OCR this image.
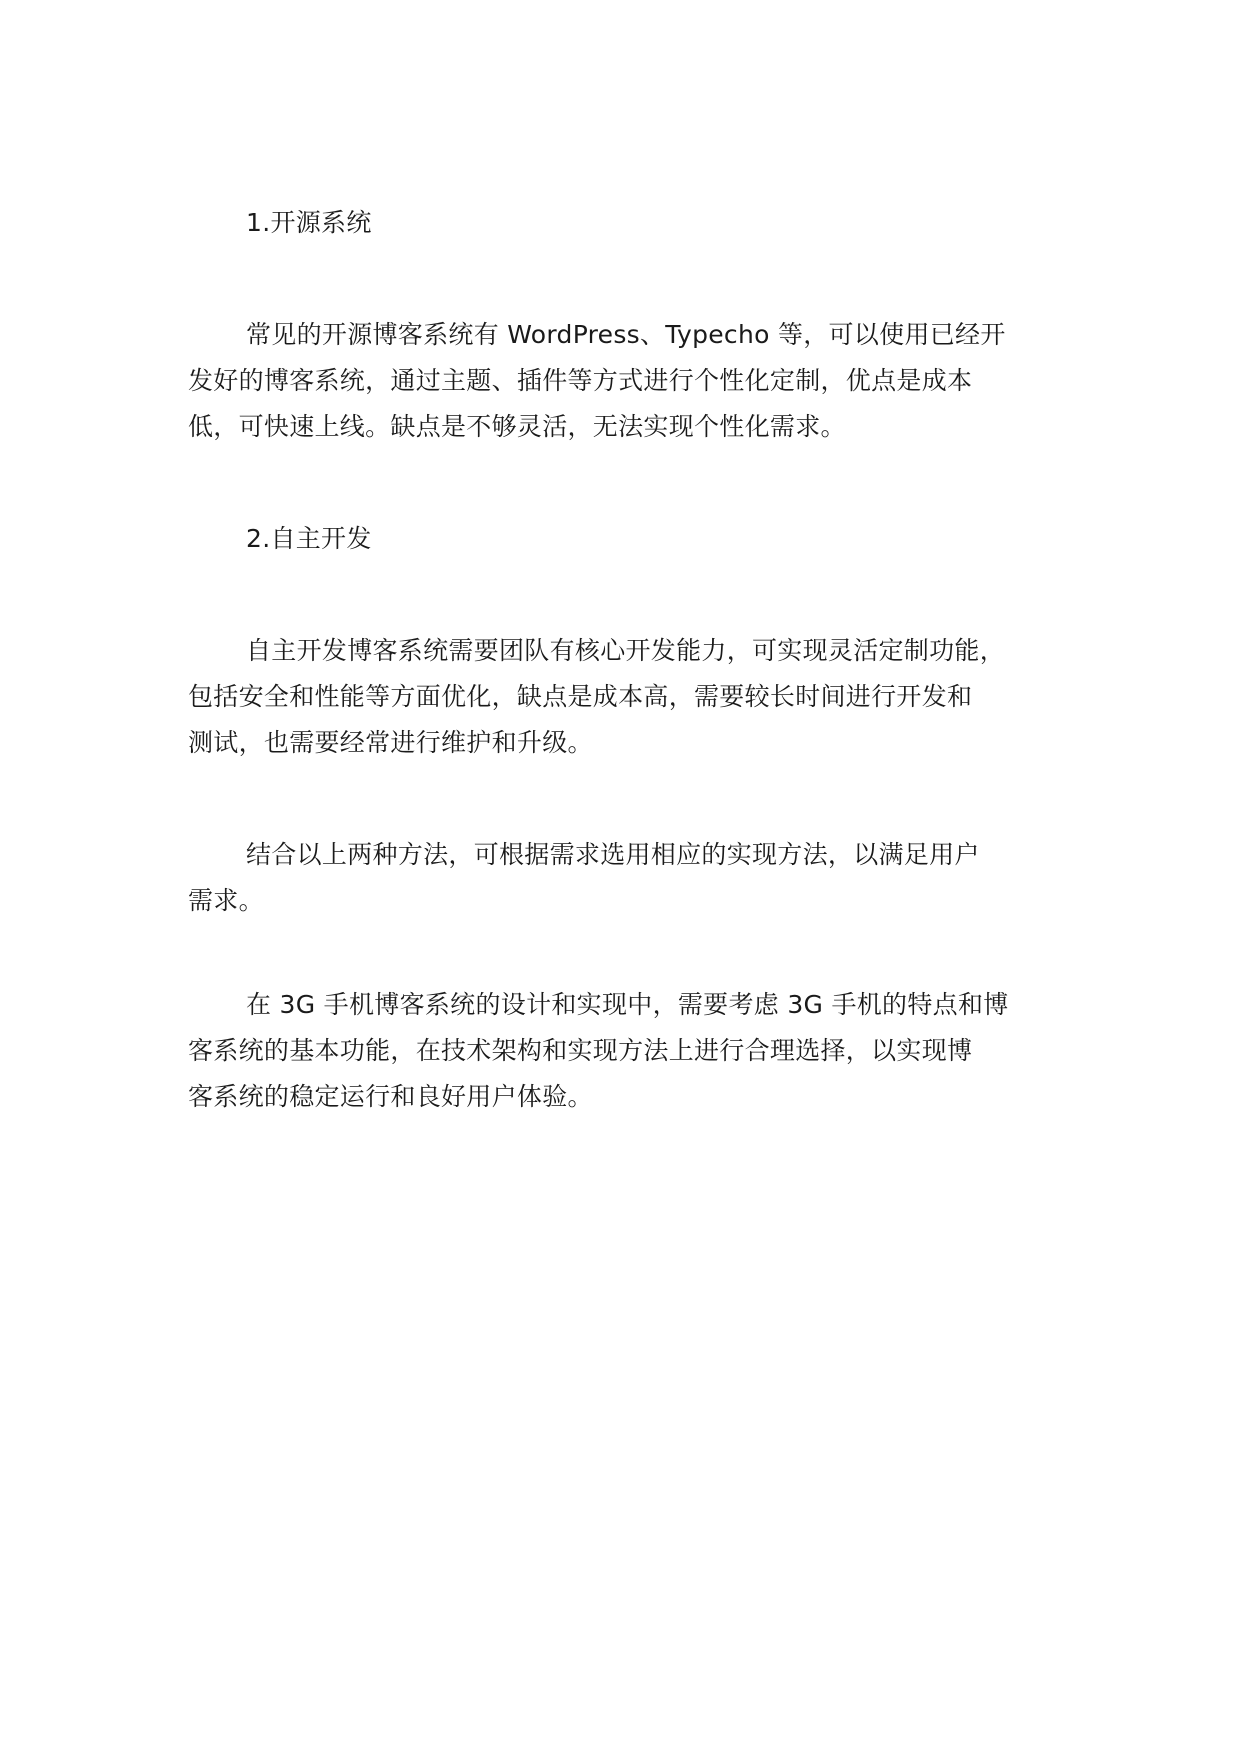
1.开源系统

常见的开源博客系统有 WordPress、Typecho 等，可以使用已经开
发好的博客系统，通过主题、插件等方式进行个性化定制，优点是成本
低，可快速上线。缺点是不够灵活，无法实现个性化需求。

2.自主开发

自主开发博客系统需要团队有核心开发能力，可实现灵活定制功能，
包括安全和性能等方面优化，缺点是成本高，需要较长时间进行开发和
测试，也需要经常进行维护和升级。

结合以上两种方法，可根据需求选用相应的实现方法，以满足用户
需求。

在 3G 手机博客系统的设计和实现中，需要考虑 3G 手机的特点和博
客系统的基本功能，在技术架构和实现方法上进行合理选择，以实现博
客系统的稳定运行和良好用户体验。
